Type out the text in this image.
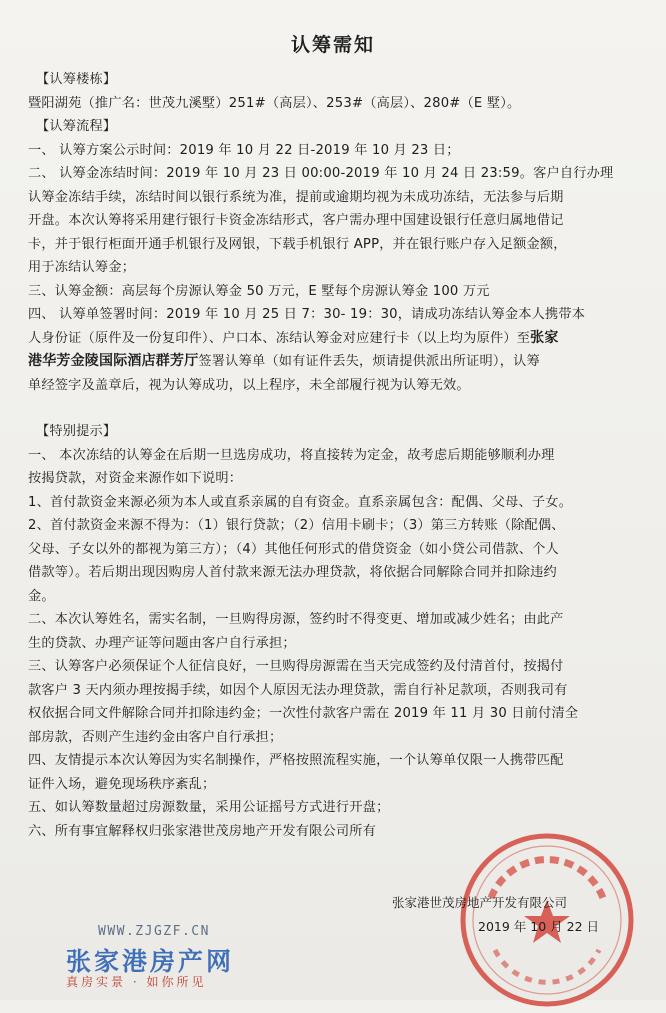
认筹需知
【认筹楼栋】
暨阳湖苑（推广名：世茂九溪墅）251#（高层）、253#（高层）、280#（E 墅）。
【认筹流程】
一、 认筹方案公示时间：2019 年 10 月 22 日-2019 年 10 月 23 日；
二、 认筹金冻结时间：2019 年 10 月 23 日 00:00-2019 年 10 月 24 日 23:59。客户自行办理
认筹金冻结手续，冻结时间以银行系统为准，提前或逾期均视为未成功冻结，无法参与后期
开盘。本次认筹将采用建行银行卡资金冻结形式，客户需办理中国建设银行任意归属地借记
卡，并于银行柜面开通手机银行及网银，下载手机银行 APP，并在银行账户存入足额金额，
用于冻结认筹金；
三、认筹金额：高层每个房源认筹金 50 万元，E 墅每个房源认筹金 100 万元
四、 认筹单签署时间：2019 年 10 月 25 日 7：30- 19：30，请成功冻结认筹金本人携带本
人身份证（原件及一份复印件）、户口本、冻结认筹金对应建行卡（以上均为原件）至张家
港华芳金陵国际酒店群芳厅签署认筹单（如有证件丢失，烦请提供派出所证明），认筹
单经签字及盖章后，视为认筹成功，以上程序，未全部履行视为认筹无效。
【特别提示】
一、 本次冻结的认筹金在后期一旦选房成功，将直接转为定金，故考虑后期能够顺利办理
按揭贷款，对资金来源作如下说明：
1、首付款资金来源必须为本人或直系亲属的自有资金。直系亲属包含：配偶、父母、子女。
2、首付款资金来源不得为：（1）银行贷款；（2）信用卡刷卡；（3）第三方转账（除配偶、
父母、子女以外的都视为第三方）；（4）其他任何形式的借贷资金（如小贷公司借款、个人
借款等）。若后期出现因购房人首付款来源无法办理贷款，将依据合同解除合同并扣除违约
金。
二、本次认筹姓名，需实名制，一旦购得房源，签约时不得变更、增加或减少姓名；由此产
生的贷款、办理产证等问题由客户自行承担；
三、认筹客户必须保证个人征信良好，一旦购得房源需在当天完成签约及付清首付，按揭付
款客户 3 天内须办理按揭手续，如因个人原因无法办理贷款，需自行补足款项，否则我司有
权依据合同文件解除合同并扣除违约金；一次性付款客户需在 2019 年 11 月 30 日前付清全
部房款，否则产生违约金由客户自行承担；
四、友情提示本次认筹因为实名制操作，严格按照流程实施，一个认筹单仅限一人携带匹配
证件入场，避免现场秩序紊乱；
五、如认筹数量超过房源数量，采用公证摇号方式进行开盘；
六、所有事宜解释权归张家港世茂房地产开发有限公司所有
张家港世茂房地产开发有限公司
2019 年 10 月 22 日
WWW.ZJGZF.CN
张家港房产网
真房实景 · 如你所见
